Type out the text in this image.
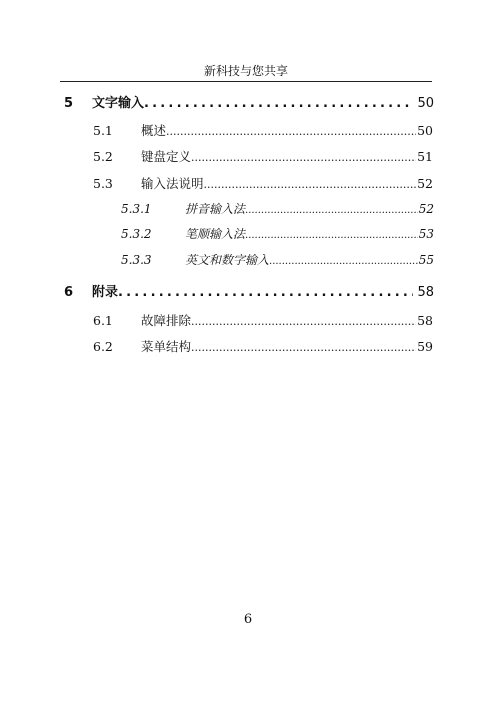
新科技与您共享
5	文字输入 .....	50
5.1	概述 .....	50
5.2	键盘定义 .....	51
5.3	输入法说明 .....	52
5.3.1	拼音输入法 .....	52
5.3.2	笔顺输入法 .....	53
5.3.3	英文和数字输入 .....	55
6	附录 .....	58
6.1	故障排除 .....	58
6.2	菜单结构 .....	59
6
